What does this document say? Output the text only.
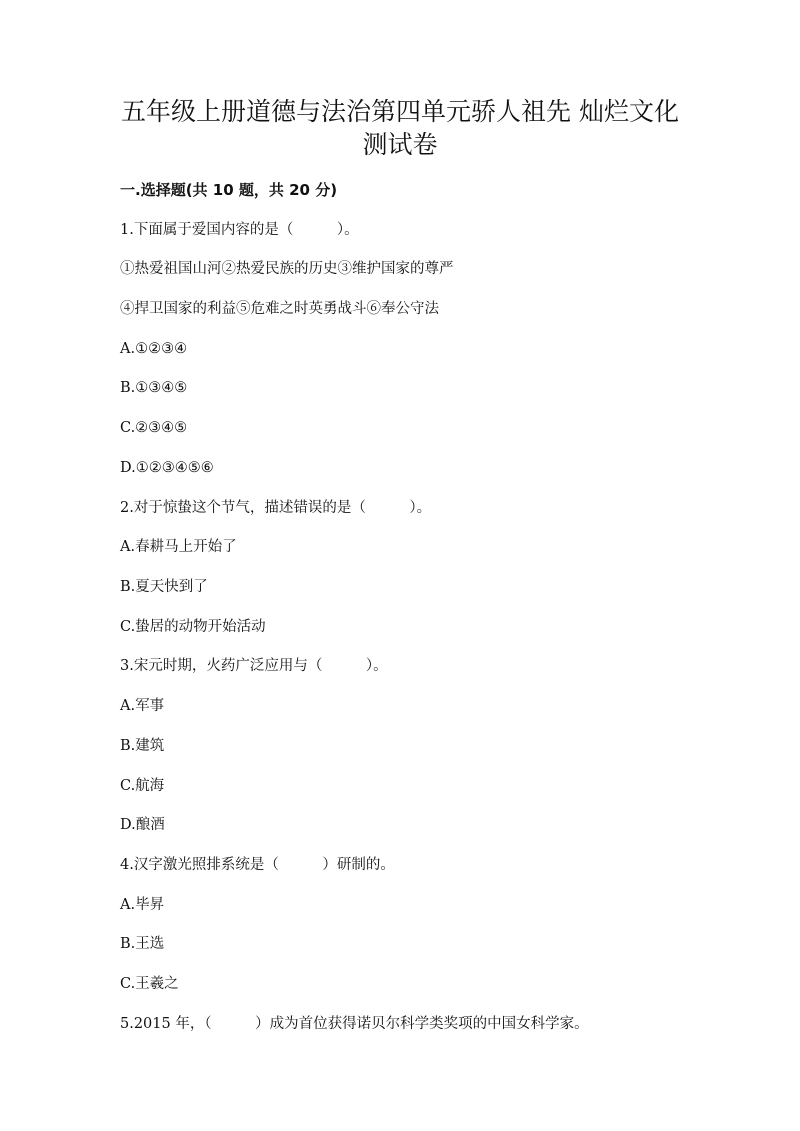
五年级上册道德与法治第四单元骄人祖先 灿烂文化
测试卷

一.选择题(共 10 题，共 20 分)

1.下面属于爱国内容的是（　　　）。

①热爱祖国山河②热爱民族的历史③维护国家的尊严

④捍卫国家的利益⑤危难之时英勇战斗⑥奉公守法

A.①②③④

B.①③④⑤

C.②③④⑤

D.①②③④⑤⑥

2.对于惊蛰这个节气，描述错误的是（　　　）。

A.春耕马上开始了

B.夏天快到了

C.蛰居的动物开始活动

3.宋元时期，火药广泛应用与（　　　）。

A.军事

B.建筑

C.航海

D.酿酒

4.汉字激光照排系统是（　　　）研制的。

A.毕昇

B.王选

C.王羲之

5.2015 年，（　　　）成为首位获得诺贝尔科学类奖项的中国女科学家。
